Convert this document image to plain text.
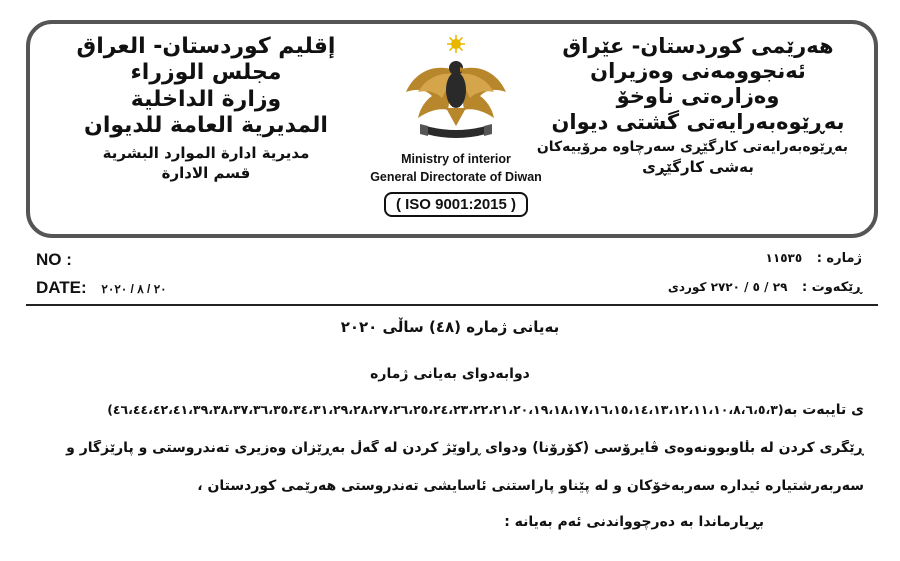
هەرێمی كوردستان- عێراق
ئەنجوومەنی وەزیران
وەزارەتی ناوخۆ
بەڕێوەبەرایەتی گشتی دیوان
بەڕێوەبەرایەتی كارگێڕی سەرچاوە مرۆییەكان
بەشی كارگێڕی
Ministry of interior
General Directorate of Diwan
( ISO 9001:2015 )
إقليم كوردستان- العراق
مجلس الوزراء
وزارة الداخلية
المديرية العامة للديوان
مديرية ادارة الموارد البشرية
قسم الادارة
NO :
DATE: ٢٠ / ٨ / ٢٠٢٠
ژمارە : ١١٥٣٥
ڕێكەوت : ٢٩ / ٥ / ٢٧٢٠ كوردی
بەیانی ژمارە (٤٨) ساڵی ٢٠٢٠
دوابەدوای بەیانی ژمارە
ی تایبەت بە(٤٦،٤٤،٤٢،٤١،٣٩،٣٨،٣٧،٣٦،٣٥،٣٤،٣١،٢٩،٢٨،٢٧،٢٦،٢٥،٢٤،٢٣،٢٢،٢١،٢٠،١٩،١٨،١٧،١٦،١٥،١٤،١٣،١٢،١١،١٠،٨،٦،٥،٣)
ڕێگری كردن لە بڵاوبوونەوەی ڤایرۆسی (كۆرۆنا) ودوای ڕاوێژ كردن لە گەڵ بەڕێزان وەزیری تەندروستی و پارێزگار و
سەربەرشتیارە ئیدارە سەربەخۆكان و لە پێناو پاراستنی ئاسایشی تەندروستی هەرێمی كوردستان ،
بڕیارماندا بە دەرچوواندنی ئەم بەیانە :
